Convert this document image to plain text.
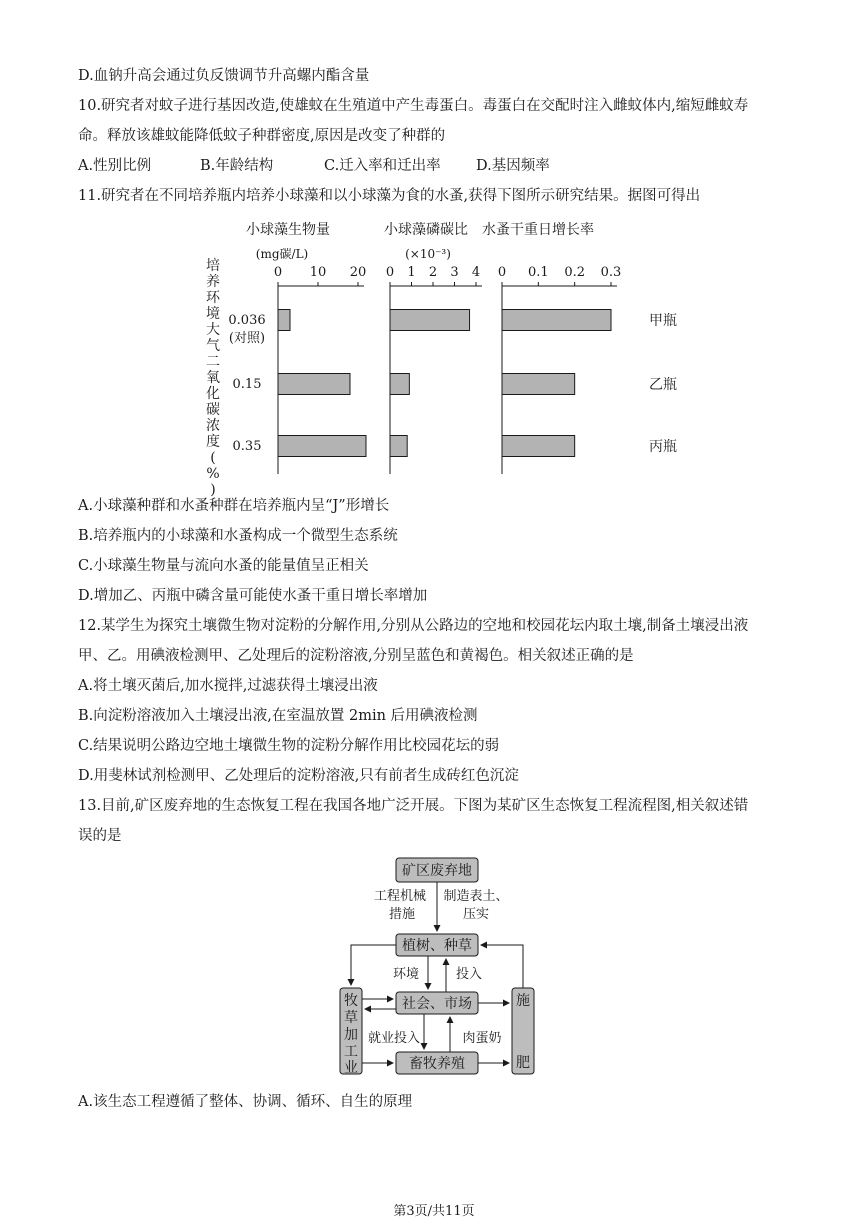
D.血钠升高会通过负反馈调节升高螺内酯含量
10.研究者对蚊子进行基因改造,使雄蚊在生殖道中产生毒蛋白。毒蛋白在交配时注入雌蚊体内,缩短雌蚊寿
命。释放该雄蚊能降低蚊子种群密度,原因是改变了种群的
A.性别比例	B.年龄结构	C.迁入率和迁出率 D.基因频率
11.研究者在不同培养瓶内培养小球藻和以小球藻为食的水蚤,获得下图所示研究结果。据图可得出
培
养
环
境
大
气
二
氧
化
碳
浓
度
(
%
)
0.036
(对照)
0.15
0.35
小球藻生物量
(mg碳/L)
0 10 20
小球藻磷碳比
(×10⁻³)
0 1 2 3 4
水蚤干重日增长率
0 0.1 0.2 0.3
甲瓶
乙瓶
丙瓶
A.小球藻种群和水蚤种群在培养瓶内呈“J”形增长
B.培养瓶内的小球藻和水蚤构成一个微型生态系统
C.小球藻生物量与流向水蚤的能量值呈正相关
D.增加乙、丙瓶中磷含量可能使水蚤干重日增长率增加
12.某学生为探究土壤微生物对淀粉的分解作用,分别从公路边的空地和校园花坛内取土壤,制备土壤浸出液
甲、乙。用碘液检测甲、乙处理后的淀粉溶液,分别呈蓝色和黄褐色。相关叙述正确的是
A.将土壤灭菌后,加水搅拌,过滤获得土壤浸出液
B.向淀粉溶液加入土壤浸出液,在室温放置 2min 后用碘液检测
C.结果说明公路边空地土壤微生物的淀粉分解作用比校园花坛的弱
D.用斐林试剂检测甲、乙处理后的淀粉溶液,只有前者生成砖红色沉淀
13.目前,矿区废弃地的生态恢复工程在我国各地广泛开展。下图为某矿区生态恢复工程流程图,相关叙述错
误的是
矿区废弃地
工程机械
措施
制造表土、
压实
植树、种草
社会、市场
畜牧养殖
牧
草
加
工
业
施
肥
环境	投入
就业投入	肉蛋奶
A.该生态工程遵循了整体、协调、循环、自生的原理
第3页/共11页
